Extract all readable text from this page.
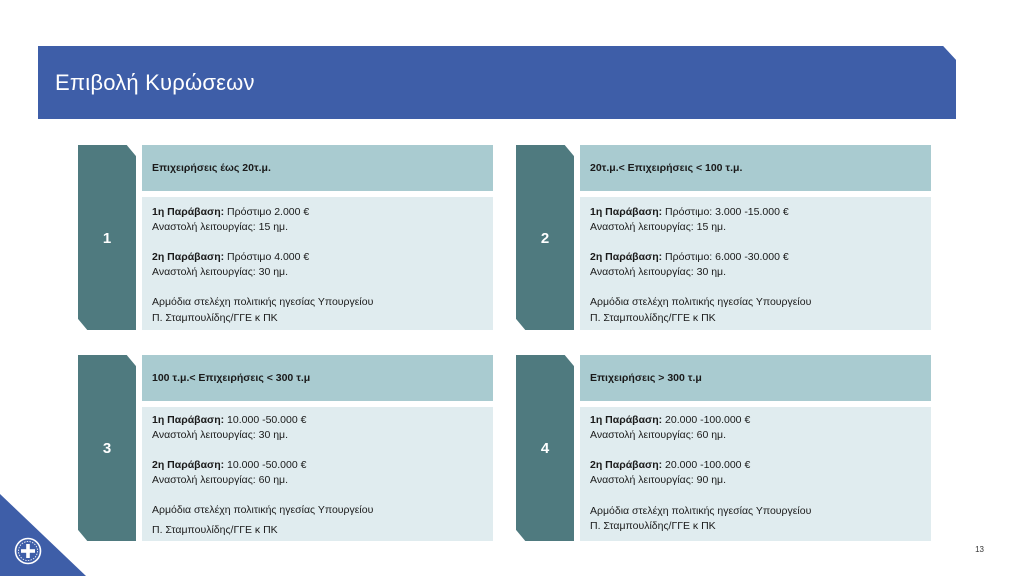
Επιβολή Κυρώσεων
1
Επιχειρήσεις έως 20τ.μ.
1η Παράβαση: Πρόστιμο 2.000 €
Αναστολή λειτουργίας: 15 ημ.
2η Παράβαση: Πρόστιμο 4.000 €
Αναστολή λειτουργίας: 30 ημ.
Αρμόδια στελέχη πολιτικής ηγεσίας Υπουργείου
Π. Σταμπουλίδης/ΓΓΕ κ ΠΚ
2
20τ.μ.< Επιχειρήσεις < 100 τ.μ.
1η Παράβαση: Πρόστιμο: 3.000 -15.000 €
Αναστολή λειτουργίας: 15 ημ.
2η Παράβαση: Πρόστιμο: 6.000 -30.000 €
Αναστολή λειτουργίας: 30 ημ.
Αρμόδια στελέχη πολιτικής ηγεσίας Υπουργείου
Π. Σταμπουλίδης/ΓΓΕ κ ΠΚ
3
100 τ.μ.< Επιχειρήσεις < 300 τ.μ
1η Παράβαση: 10.000 -50.000 €
Αναστολή λειτουργίας: 30 ημ.
2η Παράβαση: 10.000 -50.000 €
Αναστολή λειτουργίας: 60 ημ.
Αρμόδια στελέχη πολιτικής ηγεσίας Υπουργείου
Π. Σταμπουλίδης/ΓΓΕ κ ΠΚ
4
Επιχειρήσεις > 300 τ.μ
1η Παράβαση: 20.000 -100.000 €
Αναστολή λειτουργίας: 60 ημ.
2η Παράβαση: 20.000 -100.000 €
Αναστολή λειτουργίας: 90 ημ.
Αρμόδια στελέχη πολιτικής ηγεσίας Υπουργείου
Π. Σταμπουλίδης/ΓΓΕ κ ΠΚ
13
